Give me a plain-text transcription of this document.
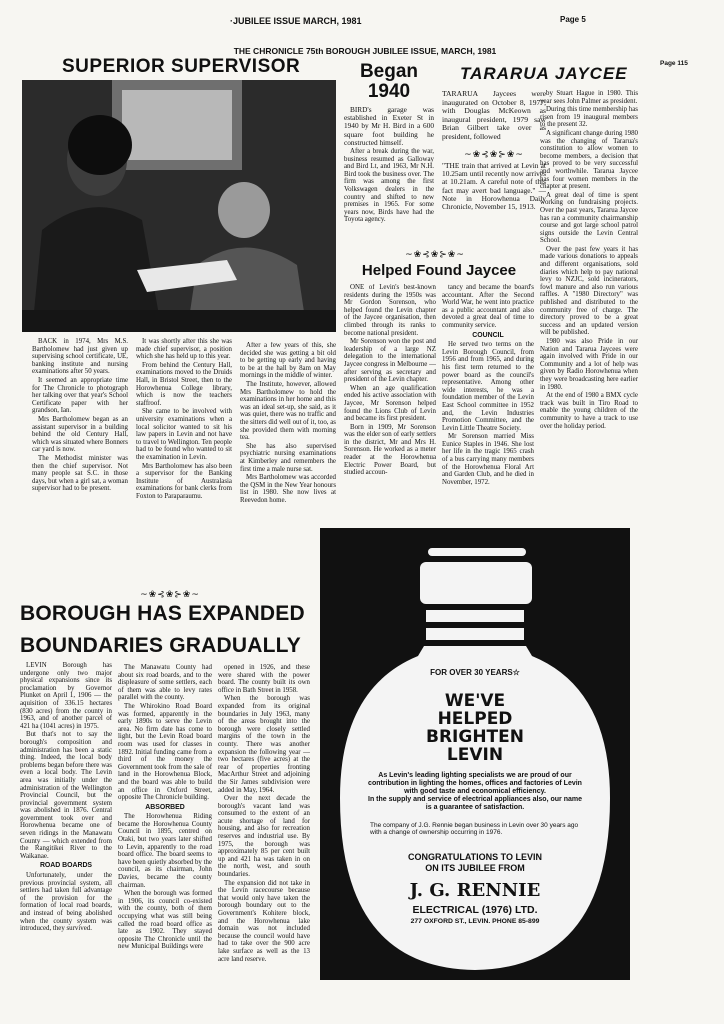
·JUBILEE ISSUE MARCH, 1981	Page 5
THE CHRONICLE 75th BOROUGH JUBILEE ISSUE, MARCH, 1981
Page 115
SUPERIOR SUPERVISOR

BACK in 1974, Mrs M.S. Bartholomew had just given up supervising school certificate, UE, banking institute and nursing examinations after 50 years.

It seemed an appropriate time for The Chronicle to photograph her talking over that year's School Certificate paper with her grandson, Ian.

Mrs Bartholomew began as an assistant supervisor in a building behind the old Century Hall, which was situated where Bonners car yard is now.

The Methodist minister was then the chief supervisor. Not many people sat S.C. in those days, but when a girl sat, a woman supervisor had to be present.

It was shortly after this she was made chief supervisor, a position which she has held up to this year.

From behind the Century Hall, examinations moved to the Druids Hall, in Bristol Street, then to the Horowhenua College library, which is now the teachers staffroof.

She came to be involved with university examinations when a local solicitor wanted to sit his law papers in Levin and not have to travel to Wellington. Ten people had to be found who wanted to sit the examination in Levin.

Mrs Bartholomew has also been a supervisor for the Banking Institute of Australasia examinations for bank clerks from Foxton to Paraparaumu.

After a few years of this, she decided she was getting a bit old to be getting up early and having to be at the hall by 8am on May mornings in the middle of winter.

The Institute, however, allowed Mrs Bartholomew to hold the examinations in her home and this was an ideal set-up, she said, as it was quiet, there was no traffic and the sitters did well out of it, too, as she provided them with morning tea.

She has also supervised psychiatric nursing examinations at Kimberley and remembers the first time a male nurse sat.

Mrs Bartholomew was accorded the QSM in the New Year honours list in 1980. She now lives at Reevedon home.

Began
1940

BIRD's garage was established in Exeter St in 1940 by Mr H. Bird in a 600 square foot building he constructed himself.

After a break during the war, business resumed as Galloway and Bird Lt, and 1963, Mr N.H. Bird took the business over. The firm was among the first Volkswagen dealers in the country and shifted to new premises in 1965. For some years now, Birds have had the Toyota agency.

TARARUA JAYCEE
TARARUA Jaycees were inaugurated on October 8, 1977, with Douglas McKeown as inaugural president, 1979 saw Brian Gilbert take over as president, followed
~❀⊰❀⊱❀~
"THE train that arrived at Levin at 10.25am until recently now arrives at 10.21am. A careful note of this fact may avert bad language." — Note in Horowhenua Daily Chronicle, November 15, 1913.

by Stuart Hague in 1980. This year sees John Palmer as president.

During this time membership has risen from 19 inaugural members to the present 32.

A significant change during 1980 was the changing of Tararua's constitution to allow women to become members, a decision that has proved to be very successful and worthwhile. Tararua Jaycee has four women members in the chapter at present.

A great deal of time is spent working on fundraising projects. Over the past years, Tararua Jaycee has ran a community chairmanship course and got large school patrol signs outside the Levin Central School.

Over the past few years it has made various donations to appeals and different organisations, sold diaries which help to pay national levy to NZJC, sold incinerators, fowl manure and also run various raffles. A "1980 Directory" was published and distributed to the community free of charge. The directory proved to be a great success and an updated version will be published.

1980 was also Pride in our Nation and Tararua Jaycees were again involved with Pride in our Community and a lot of help was given by Radio Horowhenua when they were broadcasting here earlier in 1980.

At the end of 1980 a BMX cycle track was built in Tiro Road to enable the young children of the community to have a track to use over the holiday period.

~❀⊰❀⊱❀~
Helped Found Jaycee

ONE of Levin's best-known residents during the 1950s was Mr Gordon Sorenson, who helped found the Levin chapter of the Jaycee organisation, then climbed through its ranks to become national president.

Mr Sorenson won the post and leadership of a large NZ delegation to the international Jaycee congress in Melbourne — after serving as secretary and president of the Levin chapter.

When an age qualification ended his active association with Jaycee, Mr Sorenson helped found the Lions Club of Levin and became its first president.

Born in 1909, Mr Sorenson was the elder son of early settlers in the district, Mr and Mrs H. Sorenson. He worked as a meter reader at the Horowhenua Electric Power Board, but studied accoun-

tancy and became the board's accountant. After the Second World War, he went into practice as a public accountant and also devoted a great deal of time to community service.

COUNCIL

He served two terms on the Levin Borough Council, from 1956 and from 1965, and during his first term returned to the power board as the council's representative. Among other wide interests, he was a foundation member of the Levin East School committee in 1952 and, the Levin Industries Promotion Committee, and the Levin Little Theatre Society.

Mr Sorenson married Miss Eunice Staples in 1946. She lost her life in the tragic 1965 crash of a bus carrying many members of the Horowhenua Floral Art and Garden Club, and he died in November, 1972.

~❀⊰❀⊱❀~
BOROUGH HAS EXPANDED
BOUNDARIES GRADUALLY

LEVIN Borough has undergone only two major physical expansions since its proclamation by Governor Plunket on April 1, 1906 — the aquisition of 336.15 hectares (830 acres) from the county in 1963, and of another parcel of 421 ha (1041 acres) in 1975.

But that's not to say the borough's composition and administration has been a static thing. Indeed, the local body problems began before there was even a local body. The Levin area was initially under the administration of the Wellington Provincial Council, but the provincial government system was abolished in 1876. Central government took over and Horowhenua became one of seven ridings in the Manawatu County — which extended from the Rangitikei River to the Waikanae.

ROAD BOARDS

Unfortunately, under the previous provincial system, all settlers had taken full advantage of the provision for the formation of local road boards, and instead of being abolished when the county system was introduced, they survived.

The Manawatu County had about six road boards, and to the displeasure of some settlers, each of them was able to levy rates parallel with the county.

The Whirokino Road Board was formed, apparently in the early 1890s to serve the Levin area. No firm date has come to light, but the Levin Road board room was used for classes in 1892. Initial funding came from a third of the money the Government took from the sale of land in the Horowhenua Block, and the board was able to build an office in Oxford Street, opposite The Chronicle building.

ABSORBED

The Horowhenua Riding became the Horowhenua County Council in 1895, centred on Otaki, but two years later shifted to Levin, apparently to the road board office. The board seems to have been quietly absorbed by the council, as its chairman, John Davies, became the county chairman.

When the borough was formed in 1906, its council co-existed with the county, both of them occupying what was still being called the road board office as late as 1902. They stayed opposite The Chronicle until the new Municipal Buildings were

opened in 1926, and these were shared with the power board. The county built its own office in Bath Street in 1958.

When the borough was expanded from its original boundaries in July 1963, many of the areas brought into the borough were closely settled margins of the town in the county. There was another expansion the following year — two hectares (five acres) at the rear of properties fronting MacArthur Street and adjoining the Sir James subdivision were added in May, 1964.

Over the next decade the borough's vacant land was consumed to the extent of an acute shortage of land for housing, and also for recreation reserves and industrial use. By 1975, the borough was approximately 85 per cent built up and 421 ha was taken in on the north, west, and south boundaries.

The expansion did not take in the Levin racecourse because that would only have taken the borough boundary out to the Government's Kohitere block, and the Horowhenua lake domain was not included because the council would have had to take over the 900 acre lake surface as well as the 13 acre land reserve.

FOR OVER 30 YEARS☆
WE'VE
HELPED
BRIGHTEN
LEVIN
As Levin's leading lighting specialists we are proud of our contribution in lighting the homes, offices and factories of Levin with good taste and economical efficiency.
In the supply and service of electrical appliances also, our name is a guarantee of satisfaction.
The company of J.G. Rennie began business in Levin over 30 years ago with a change of ownership occurring in 1976.
CONGRATULATIONS TO LEVIN
ON ITS JUBILEE FROM
J. G. RENNIE
ELECTRICAL (1976) LTD.
277 OXFORD ST., LEVIN. PHONE 85-899
